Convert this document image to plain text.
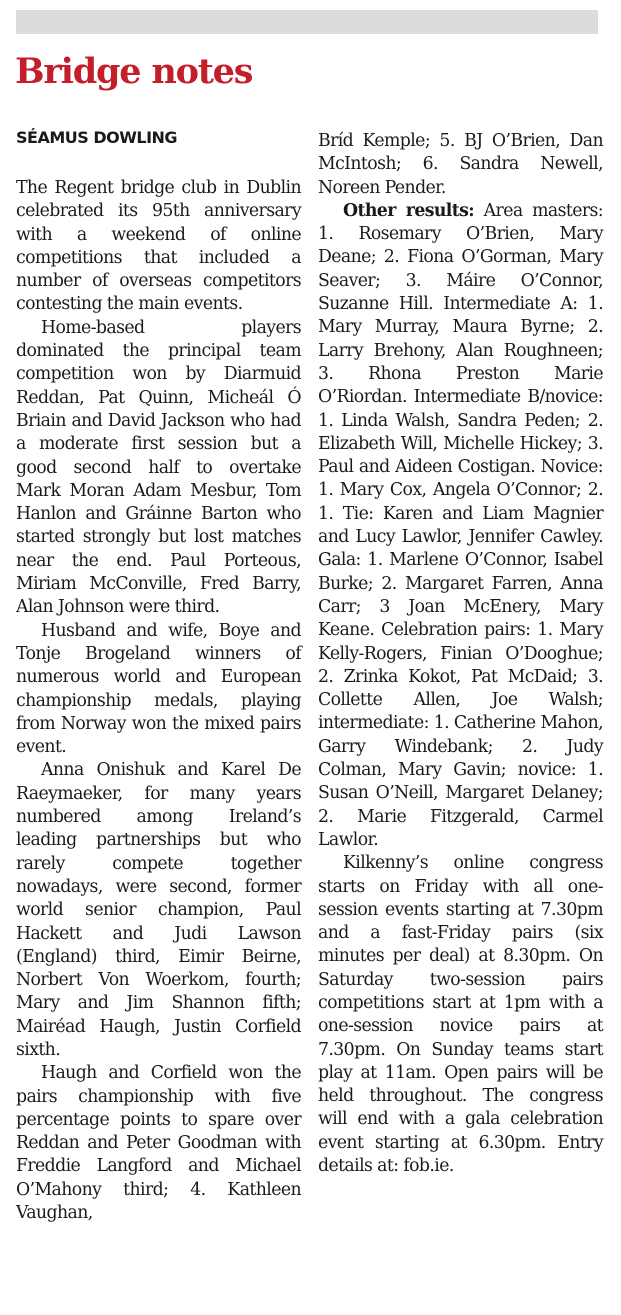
Bridge notes
SÉAMUS DOWLING

The Regent bridge club in Dublin celebrated its 95th anniversary with a weekend of online competitions that included a number of overseas competitors contesting the main events.

Home-based players dominated the principal team competition won by Diarmuid Reddan, Pat Quinn, Micheál Ó Briain and David Jackson who had a moderate first session but a good second half to overtake Mark Moran Adam Mesbur, Tom Hanlon and Gráinne Barton who started strongly but lost matches near the end. Paul Porteous, Miriam McConville, Fred Barry, Alan Johnson were third.

Husband and wife, Boye and Tonje Brogeland winners of numerous world and European championship medals, playing from Norway won the mixed pairs event.

Anna Onishuk and Karel De Raeymaeker, for many years numbered among Ireland’s leading partnerships but who rarely compete together nowadays, were second, former world senior champion, Paul Hackett and Judi Lawson (England) third, Eimir Beirne, Norbert Von Woerkom, fourth; Mary and Jim Shannon fifth; Mairéad Haugh, Justin Corfield sixth.

Haugh and Corfield won the pairs championship with five percentage points to spare over Reddan and Peter Goodman with Freddie Langford and Michael O’Mahony third; 4. Kathleen Vaughan,

Bríd Kemple; 5. BJ O’Brien, Dan McIntosh; 6. Sandra Newell, Noreen Pender.

Other results: Area masters: 1. Rosemary O’Brien, Mary Deane; 2. Fiona O’Gorman, Mary Seaver; 3. Máire O’Connor, Suzanne Hill. Intermediate A: 1. Mary Murray, Maura Byrne; 2. Larry Brehony, Alan Roughneen; 3. Rhona Preston Marie O’Riordan. Intermediate B/novice: 1. Linda Walsh, Sandra Peden; 2. Elizabeth Will, Michelle Hickey; 3. Paul and Aideen Costigan. Novice: 1. Mary Cox, Angela O’Connor; 2. 1. Tie: Karen and Liam Magnier and Lucy Lawlor, Jennifer Cawley. Gala: 1. Marlene O’Connor, Isabel Burke; 2. Margaret Farren, Anna Carr; 3 Joan McEnery, Mary Keane. Celebration pairs: 1. Mary Kelly-Rogers, Finian O’Dooghue; 2. Zrinka Kokot, Pat McDaid; 3. Collette Allen, Joe Walsh; intermediate: 1. Catherine Mahon, Garry Windebank; 2. Judy Colman, Mary Gavin; novice: 1. Susan O’Neill, Margaret Delaney; 2. Marie Fitzgerald, Carmel Lawlor.

Kilkenny’s online congress starts on Friday with all one-session events starting at 7.30pm and a fast-Friday pairs (six minutes per deal) at 8.30pm. On Saturday two-session pairs competitions start at 1pm with a one-session novice pairs at 7.30pm. On Sunday teams start play at 11am. Open pairs will be held throughout. The congress will end with a gala celebration event starting at 6.30pm. Entry details at: fob.ie.
